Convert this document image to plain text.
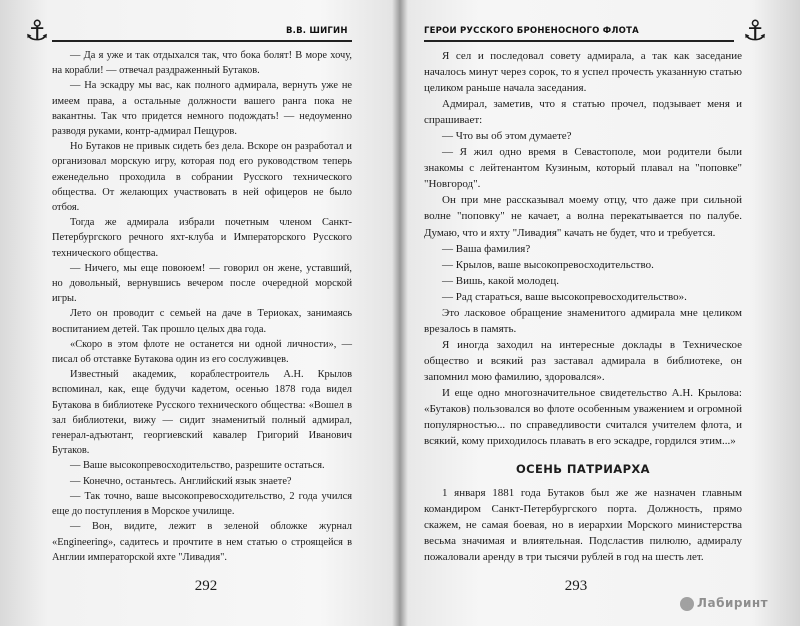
⚓	В.В. ШИГИН

— Да я уже и так отдыхался так, что бока болят! В море хочу, на корабли! — отвечал раздраженный Бутаков.

— На эскадру мы вас, как полного адмирала, вернуть уже не имеем права, а остальные должности вашего ранга пока не вакантны. Так что придется немного подождать! — недоуменно разводя руками, контр-адмирал Пещуров.

Но Бутаков не привык сидеть без дела. Вскоре он разработал и организовал морскую игру, которая под его руководством теперь еженедельно проходила в собрании Русского технического общества. От желающих участвовать в ней офицеров не было отбоя.

Тогда же адмирала избрали почетным членом Санкт-Петербургского речного яхт-клуба и Императорского Русского технического общества.

— Ничего, мы еще повоюем! — говорил он жене, уставший, но довольный, вернувшись вечером после очередной морской игры.

Лето он проводит с семьей на даче в Териоках, занимаясь воспитанием детей. Так прошло целых два года.

«Скоро в этом флоте не останется ни одной личности», — писал об отставке Бутакова один из его сослуживцев.

Известный академик, кораблестроитель А.Н. Крылов вспоминал, как, еще будучи кадетом, осенью 1878 года видел Бутакова в библиотеке Русского технического общества: «Вошел в зал библиотеки, вижу — сидит знаменитый полный адмирал, генерал-адъютант, георгиевский кавалер Григорий Иванович Бутаков.

— Ваше высокопревосходительство, разрешите остаться.

— Конечно, останьтесь. Английский язык знаете?

— Так точно, ваше высокопревосходительство, 2 года учился еще до поступления в Морское училище.

— Вон, видите, лежит в зеленой обложке журнал «Engineering», садитесь и прочтите в нем статью о строящейся в Англии императорской яхте "Ливадия".

292
ГЕРОИ РУССКОГО БРОНЕНОСНОГО ФЛОТА	⚓

Я сел и последовал совету адмирала, а так как заседание началось минут через сорок, то я успел прочесть указанную статью целиком раньше начала заседания.

Адмирал, заметив, что я статью прочел, подзывает меня и спрашивает:

— Что вы об этом думаете?

— Я жил одно время в Севастополе, мои родители были знакомы с лейтенантом Кузиным, который плавал на "поповке" "Новгород".

Он при мне рассказывал моему отцу, что даже при сильной волне "поповку" не качает, а волна перекатывается по палубе. Думаю, что и яхту "Ливадия" качать не будет, что и требуется.

— Ваша фамилия?

— Крылов, ваше высокопревосходительство.

— Вишь, какой молодец.

— Рад стараться, ваше высокопревосходительство».

Это ласковое обращение знаменитого адмирала мне целиком врезалось в память.

Я иногда заходил на интересные доклады в Техническое общество и всякий раз заставал адмирала в библиотеке, он запомнил мою фамилию, здоровался».

И еще одно многозначительное свидетельство А.Н. Крылова: «Бутаков) пользовался во флоте особенным уважением и огромной популярностью... по справедливости считался учителем флота, и всякий, кому приходилось плавать в его эскадре, гордился этим...»

ОСЕНЬ ПАТРИАРХА

1 января 1881 года Бутаков был же же назначен главным командиром Санкт-Петербургского порта. Должность, прямо скажем, не самая боевая, но в иерархии Морского министерства весьма значимая и влиятельная. Подсластив пилюлю, адмиралу пожаловали аренду в три тысячи рублей в год на шесть лет.

293
Лабиринт
